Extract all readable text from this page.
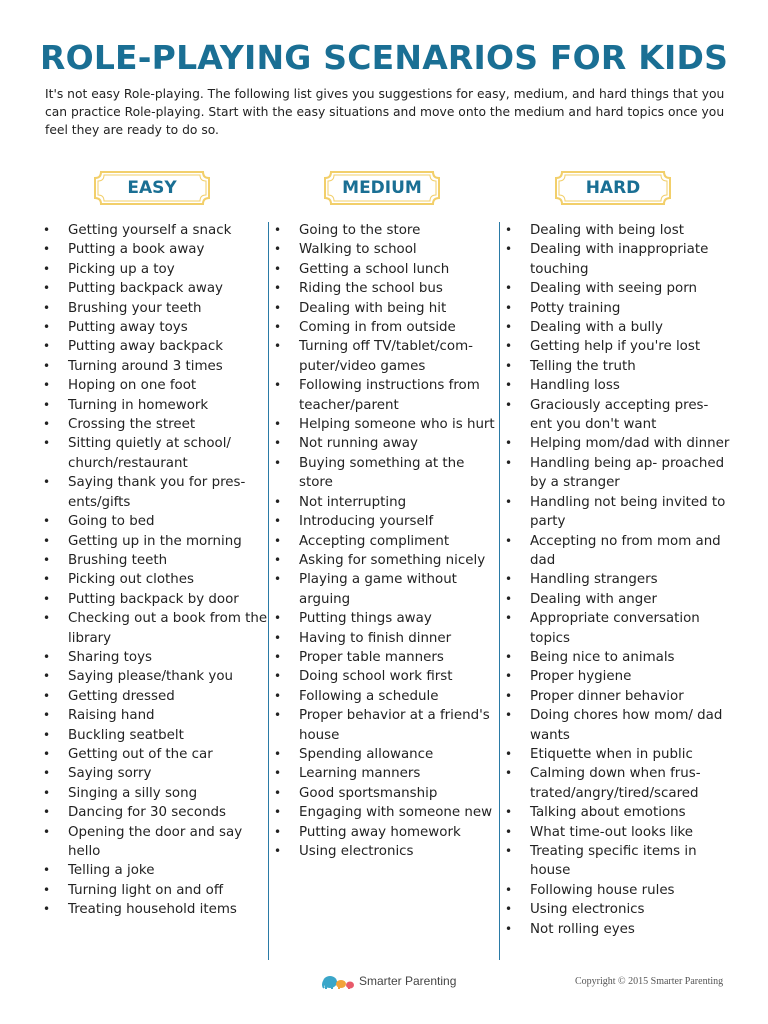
ROLE-PLAYING SCENARIOS FOR KIDS
It's not easy Role-playing. The following list gives you suggestions for easy, medium, and hard things that you can practice Role-playing. Start with the easy situations and move onto the medium and hard topics once you feel they are ready to do so.
EASY
• Getting yourself a snack
• Putting a book away
• Picking up a toy
• Putting backpack away
• Brushing your teeth
• Putting away toys
• Putting away backpack
• Turning around 3 times
• Hoping on one foot
• Turning in homework
• Crossing the street
• Sitting quietly at school/ church/restaurant
• Saying thank you for pres- ents/gifts
• Going to bed
• Getting up in the morning
• Brushing teeth
• Picking out clothes
• Putting backpack by door
• Checking out a book from the library
• Sharing toys
• Saying please/thank you
• Getting dressed
• Raising hand
• Buckling seatbelt
• Getting out of the car
• Saying sorry
• Singing a silly song
• Dancing for 30 seconds
• Opening the door and say hello
• Telling a joke
• Turning light on and off
• Treating household items
MEDIUM
• Going to the store
• Walking to school
• Getting a school lunch
• Riding the school bus
• Dealing with being hit
• Coming in from outside
• Turning off TV/tablet/com- puter/video games
• Following instructions from teacher/parent
• Helping someone who is hurt
• Not running away
• Buying something at the store
• Not interrupting
• Introducing yourself
• Accepting compliment
• Asking for something nicely
• Playing a game without arguing
• Putting things away
• Having to finish dinner
• Proper table manners
• Doing school work first
• Following a schedule
• Proper behavior at a friend's house
• Spending allowance
• Learning manners
• Good sportsmanship
• Engaging with someone new
• Putting away homework
• Using electronics
HARD
• Dealing with being lost
• Dealing with inappropriate touching
• Dealing with seeing porn
• Potty training
• Dealing with a bully
• Getting help if you're lost
• Telling the truth
• Handling loss
• Graciously accepting pres- ent you don't want
• Helping mom/dad with dinner
• Handling being ap- proached by a stranger
• Handling not being invited to party
• Accepting no from mom and dad
• Handling strangers
• Dealing with anger
• Appropriate conversation topics
• Being nice to animals
• Proper hygiene
• Proper dinner behavior
• Doing chores how mom/ dad wants
• Etiquette when in public
• Calming down when frus- trated/angry/tired/scared
• Talking about emotions
• What time-out looks like
• Treating specific items in house
• Following house rules
• Using electronics
• Not rolling eyes
Smarter Parenting	Copyright © 2015 Smarter Parenting
